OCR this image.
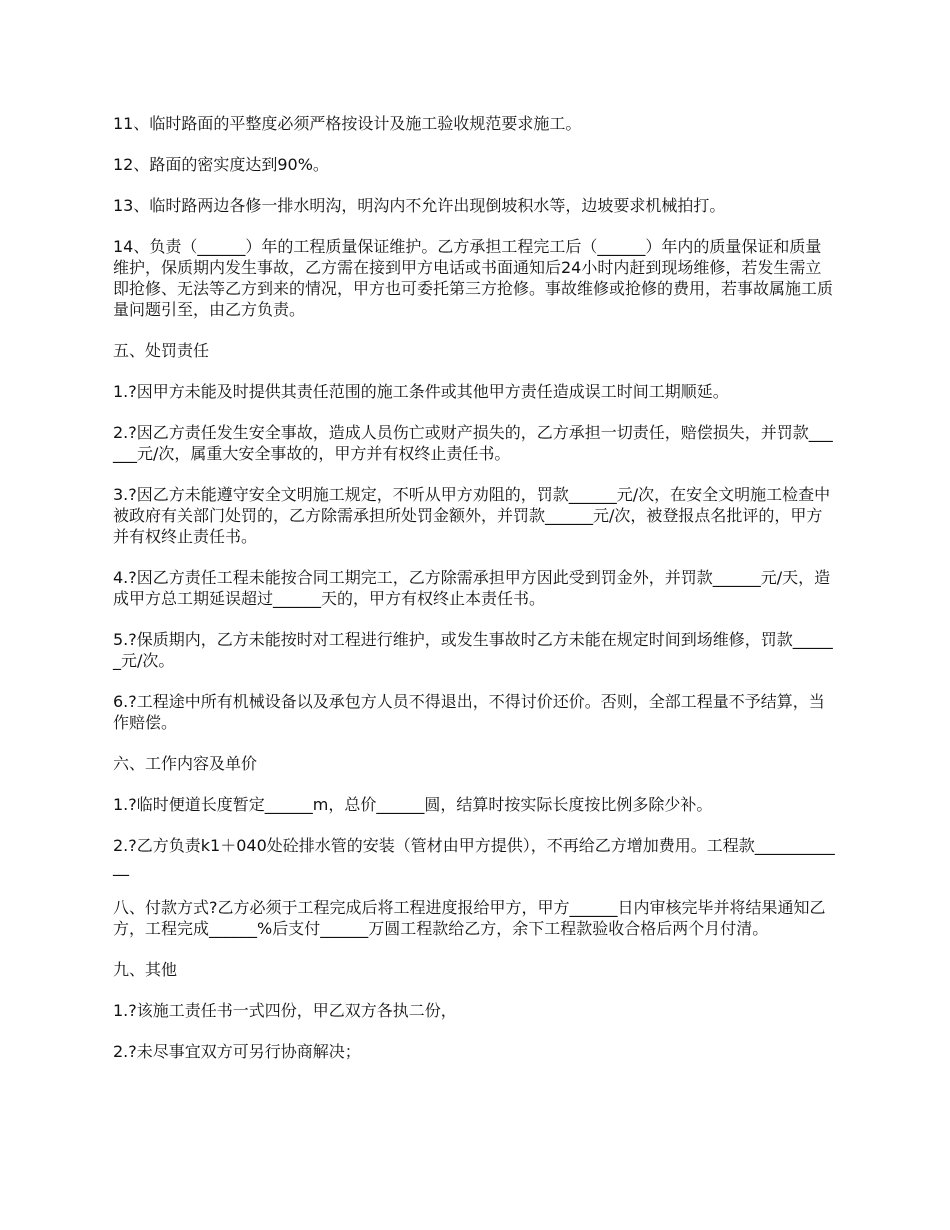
11、临时路面的平整度必须严格按设计及施工验收规范要求施工。

12、路面的密实度达到90%。

13、临时路两边各修一排水明沟，明沟内不允许出现倒坡积水等，边坡要求机械拍打。

14、负责（______）年的工程质量保证维护。乙方承担工程完工后（______）年内的质量保证和质量维护，保质期内发生事故，乙方需在接到甲方电话或书面通知后24小时内赶到现场维修，若发生需立即抢修、无法等乙方到来的情况，甲方也可委托第三方抢修。事故维修或抢修的费用，若事故属施工质量问题引至，由乙方负责。

五、处罚责任

1.?因甲方未能及时提供其责任范围的施工条件或其他甲方责任造成误工时间工期顺延。

2.?因乙方责任发生安全事故，造成人员伤亡或财产损失的，乙方承担一切责任，赔偿损失，并罚款______元/次，属重大安全事故的，甲方并有权终止责任书。

3.?因乙方未能遵守安全文明施工规定，不听从甲方劝阻的，罚款______元/次，在安全文明施工检查中被政府有关部门处罚的，乙方除需承担所处罚金额外，并罚款______元/次，被登报点名批评的，甲方并有权终止责任书。

4.?因乙方责任工程未能按合同工期完工，乙方除需承担甲方因此受到罚金外，并罚款______元/天，造成甲方总工期延误超过______天的，甲方有权终止本责任书。

5.?保质期内，乙方未能按时对工程进行维护，或发生事故时乙方未能在规定时间到场维修，罚款______元/次。

6.?工程途中所有机械设备以及承包方人员不得退出，不得讨价还价。否则，全部工程量不予结算，当作赔偿。

六、工作内容及单价

1.?临时便道长度暂定______m，总价______圆，结算时按实际长度按比例多除少补。

2.?乙方负责k1＋040处砼排水管的安装（管材由甲方提供），不再给乙方增加费用。工程款____________

八、付款方式?乙方必须于工程完成后将工程进度报给甲方，甲方______日内审核完毕并将结果通知乙方，工程完成______%后支付______万圆工程款给乙方，余下工程款验收合格后两个月付清。

九、其他

1.?该施工责任书一式四份，甲乙双方各执二份，

2.?未尽事宜双方可另行协商解决；
